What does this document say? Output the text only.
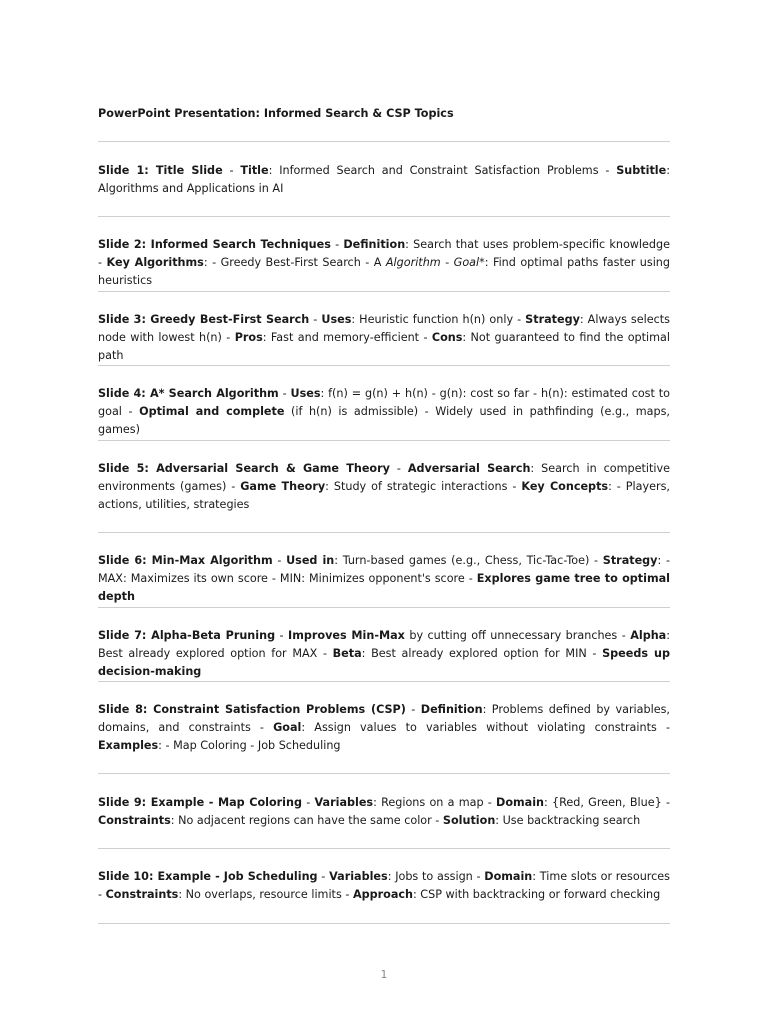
PowerPoint Presentation: Informed Search & CSP Topics

Slide 1: Title Slide - Title: Informed Search and Constraint Satisfaction Problems - Subtitle: Algorithms and Applications in AI

Slide 2: Informed Search Techniques - Definition: Search that uses problem-specific knowledge - Key Algorithms: - Greedy Best-First Search - A Algorithm - Goal*: Find optimal paths faster using heuristics

Slide 3: Greedy Best-First Search - Uses: Heuristic function h(n) only - Strategy: Always selects node with lowest h(n) - Pros: Fast and memory-efficient - Cons: Not guaranteed to find the optimal path

Slide 4: A* Search Algorithm - Uses: f(n) = g(n) + h(n) - g(n): cost so far - h(n): estimated cost to goal - Optimal and complete (if h(n) is admissible) - Widely used in pathfinding (e.g., maps, games)

Slide 5: Adversarial Search & Game Theory - Adversarial Search: Search in competitive environments (games) - Game Theory: Study of strategic interactions - Key Concepts: - Players, actions, utilities, strategies

Slide 6: Min-Max Algorithm - Used in: Turn-based games (e.g., Chess, Tic-Tac-Toe) - Strategy: - MAX: Maximizes its own score - MIN: Minimizes opponent's score - Explores game tree to optimal depth

Slide 7: Alpha-Beta Pruning - Improves Min-Max by cutting off unnecessary branches - Alpha: Best already explored option for MAX - Beta: Best already explored option for MIN - Speeds up decision-making

Slide 8: Constraint Satisfaction Problems (CSP) - Definition: Problems defined by variables, domains, and constraints - Goal: Assign values to variables without violating constraints - Examples: - Map Coloring - Job Scheduling

Slide 9: Example - Map Coloring - Variables: Regions on a map - Domain: {Red, Green, Blue} - Constraints: No adjacent regions can have the same color - Solution: Use backtracking search

Slide 10: Example - Job Scheduling - Variables: Jobs to assign - Domain: Time slots or resources - Constraints: No overlaps, resource limits - Approach: CSP with backtracking or forward checking

1
